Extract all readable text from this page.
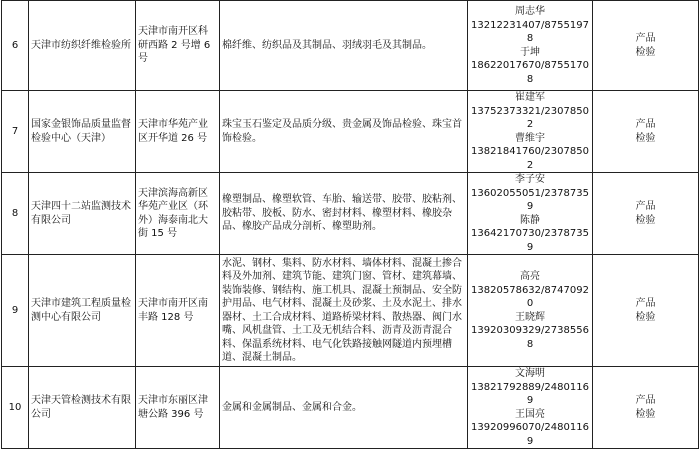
6	天津市纺织纤维检验所	天津市南开区科研西路 2 号增 6 号	棉纤维、纺织品及其制品、羽绒羽毛及其制品。	周志华
13212231407/87551978
于坤
18622017670/87551708	产品
检验
7	国家金银饰品质量监督检验中心（天津）	天津市华苑产业区开华道 26 号	珠宝玉石鉴定及品质分级、贵金属及饰品检验、珠宝首饰检验。	崔建军
13752373321/23078502
曹维宇
13821841760/23078502	产品
检验
8	天津四十二站监测技术有限公司	天津滨海高新区华苑产业区（环外）海泰南北大街 15 号	橡塑制品、橡塑软管、车胎、输送带、胶带、胶粘剂、胶粘带、胶板、防水、密封材料、橡塑材料、橡胶杂品、橡胶产品成分剖析、橡塑助剂。	李子安
13602055051/23787359
陈静
13642170730/23787359	产品
检验
9	天津市建筑工程质量检测中心有限公司	天津市南开区南丰路 128 号	水泥、钢材、集料、防水材料、墙体材料、混凝土掺合料及外加剂、建筑节能、建筑门窗、管材、建筑幕墙、装饰装修、钢结构、施工机具、混凝土预制品、安全防护用品、电气材料、混凝土及砂浆、土及水泥土、排水器材、土工合成材料、道路桥梁材料、散热器、阀门水嘴、风机盘管、土工及无机结合料、沥青及沥青混合料、保温系统材料、电气化铁路接触网隧道内预埋槽道、混凝土制品。	高亮
13820578632/87470920
王晓辉
13920309329/27385568	产品
检验
10	天津天管检测技术有限公司	天津市东丽区津塘公路 396 号	金属和金属制品、金属和合金。	文海明
13821792889/24801169
王国亮
13920996070/24801169	产品
检验
